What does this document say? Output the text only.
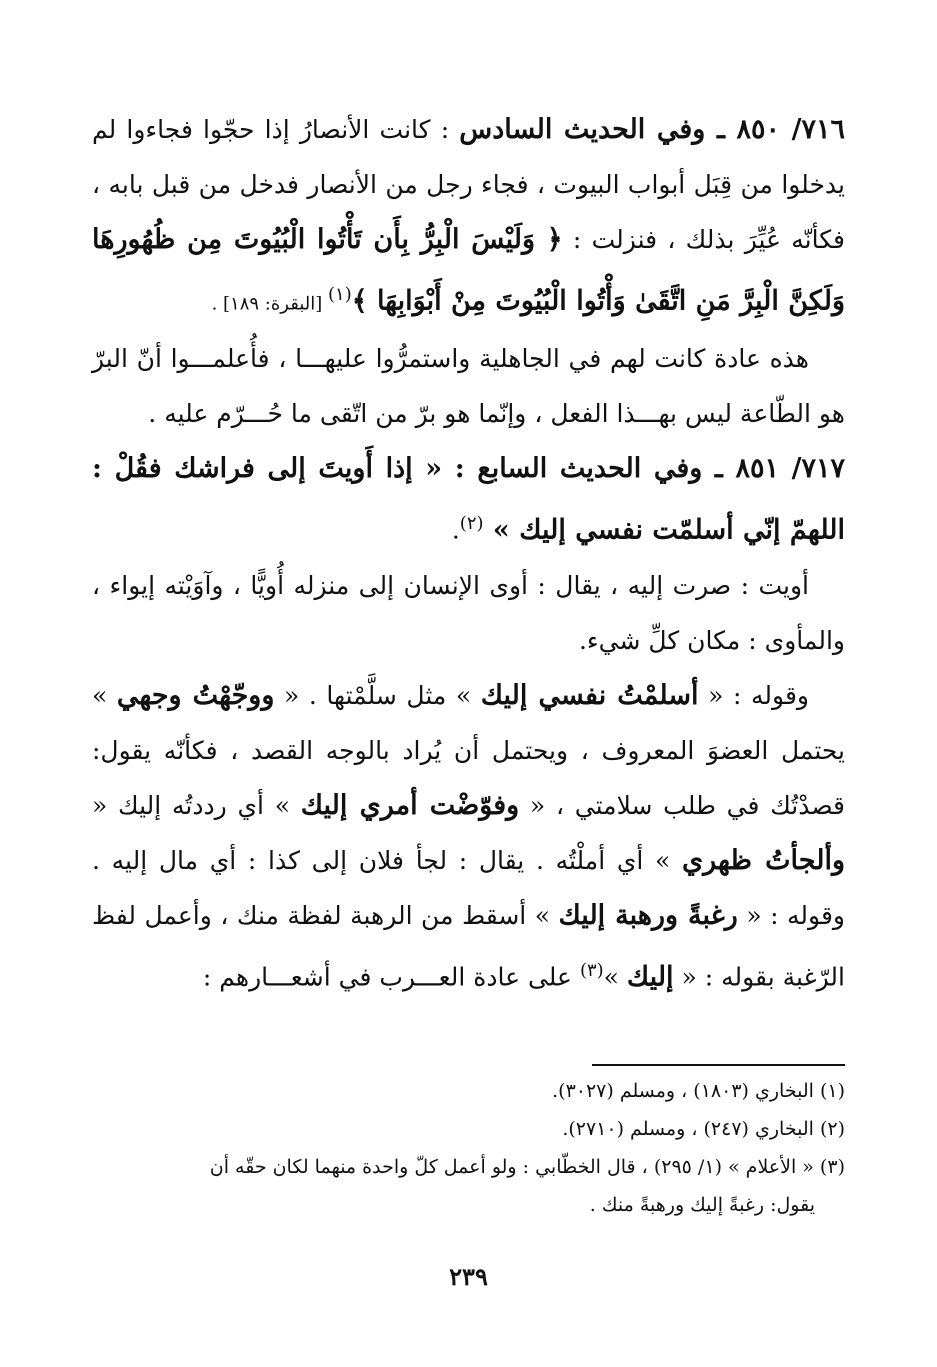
٧١٦/ ٨٥٠ ـ وفي الحديث السادس : كانت الأنصارُ إذا حجّوا فجاءوا لم يدخلوا من قِبَل أبواب البيوت ، فجاء رجل من الأنصار فدخل من قبل بابه ، فكأنّه عُيِّرَ بذلك ، فنزلت : ﴿ وَلَيْسَ الْبِرُّ بِأَن تَأْتُوا الْبُيُوتَ مِن ظُهُورِهَا وَلَكِنَّ الْبِرَّ مَنِ اتَّقَىٰ وَأْتُوا الْبُيُوتَ مِنْ أَبْوَابِهَا ﴾$^{(١)}$ [البقرة: ١٨٩] .

هذه عادة كانت لهم في الجاهلية واستمرُّوا عليهـــا ، فأُعلمـــوا أنّ البرّ هو الطّاعة ليس بهـــذا الفعل ، وإنّما هو برّ من اتّقى ما حُـــرّم عليه .

٧١٧/ ٨٥١ ـ وفي الحديث السابع : « إذا أَويتَ إلى فراشك فقُلْ : اللهمّ إنّي أسلمّت نفسي إليك » $^{(٢)}$.

أويت : صرت إليه ، يقال : أوى الإنسان إلى منزله أُويًّا ، وآوَيْته إيواء ، والمأوى : مكان كلِّ شيء.

وقوله : « أسلمْتُ نفسي إليك » مثل سلَّمْتها . « ووجّهْتُ وجهي » يحتمل العضوَ المعروف ، ويحتمل أن يُراد بالوجه القصد ، فكأنّه يقول: قصدْتُك في طلب سلامتي ، « وفوّضْت أمري إليك » أي رددتُه إليك « وألجأتُ ظهري » أي أملْتُه . يقال : لجأ فلان إلى كذا : أي مال إليه . وقوله : « رغبةً ورهبة إليك » أسقط من الرهبة لفظة منك ، وأعمل لفظ الرّغبة بقوله : « إليك »$^{(٣)}$ على عادة العـــرب في أشعـــارهم :

(١) البخاري (١٨٠٣) ، ومسلم (٣٠٢٧).

(٢) البخاري (٢٤٧) ، ومسلم (٢٧١٠).

(٣) « الأعلام » (١/ ٢٩٥) ، قال الخطّابي : ولو أعمل كلّ واحدة منهما لكان حقّه أن

يقول: رغبةً إليك ورهبةً منك .

٢٣٩
